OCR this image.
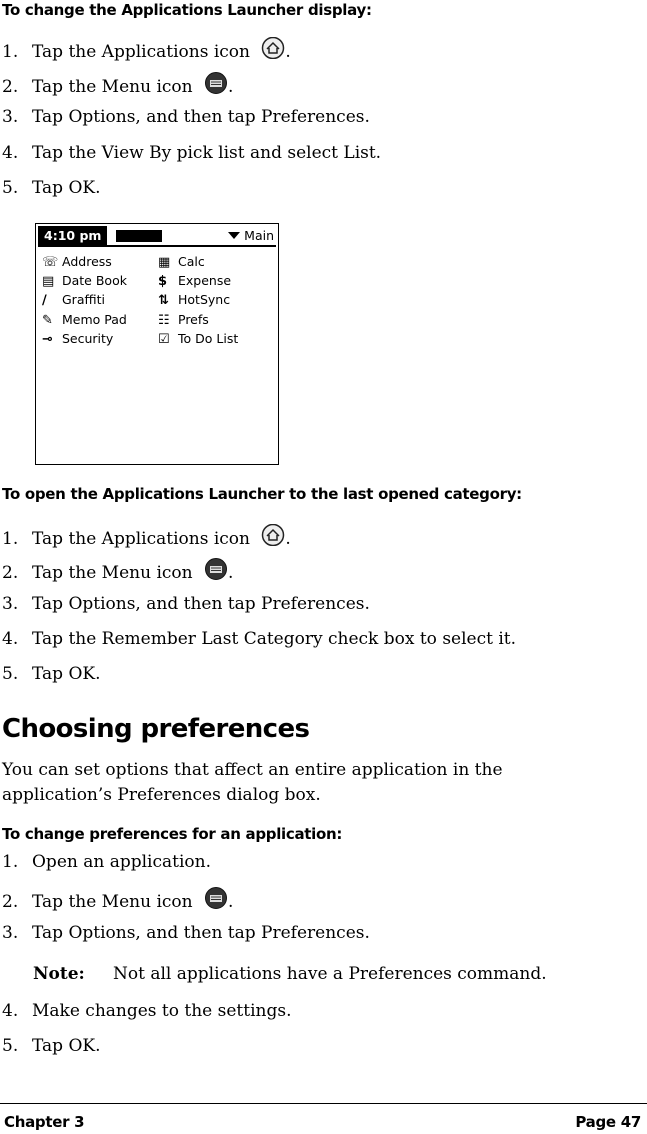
To change the Applications Launcher display:
1. Tap the Applications icon .
2. Tap the Menu icon .
3. Tap Options, and then tap Preferences.
4. Tap the View By pick list and select List.
5. Tap OK.
4:10 pm	Main
☏ Address	▦ Calc
▤ Date Book $ Expense
∕ Graffiti	⇅ HotSync
✎ Memo Pad ☷ Prefs
⊸ Security	☑ To Do List
To open the Applications Launcher to the last opened category:
1. Tap the Applications icon .
2. Tap the Menu icon .
3. Tap Options, and then tap Preferences.
4. Tap the Remember Last Category check box to select it.
5. Tap OK.
Choosing preferences
You can set options that affect an entire application in the application’s Preferences dialog box.
To change preferences for an application:
1. Open an application.
2. Tap the Menu icon .
3. Tap Options, and then tap Preferences.
Note: Not all applications have a Preferences command.
4. Make changes to the settings.
5. Tap OK.
Chapter 3	Page 47
